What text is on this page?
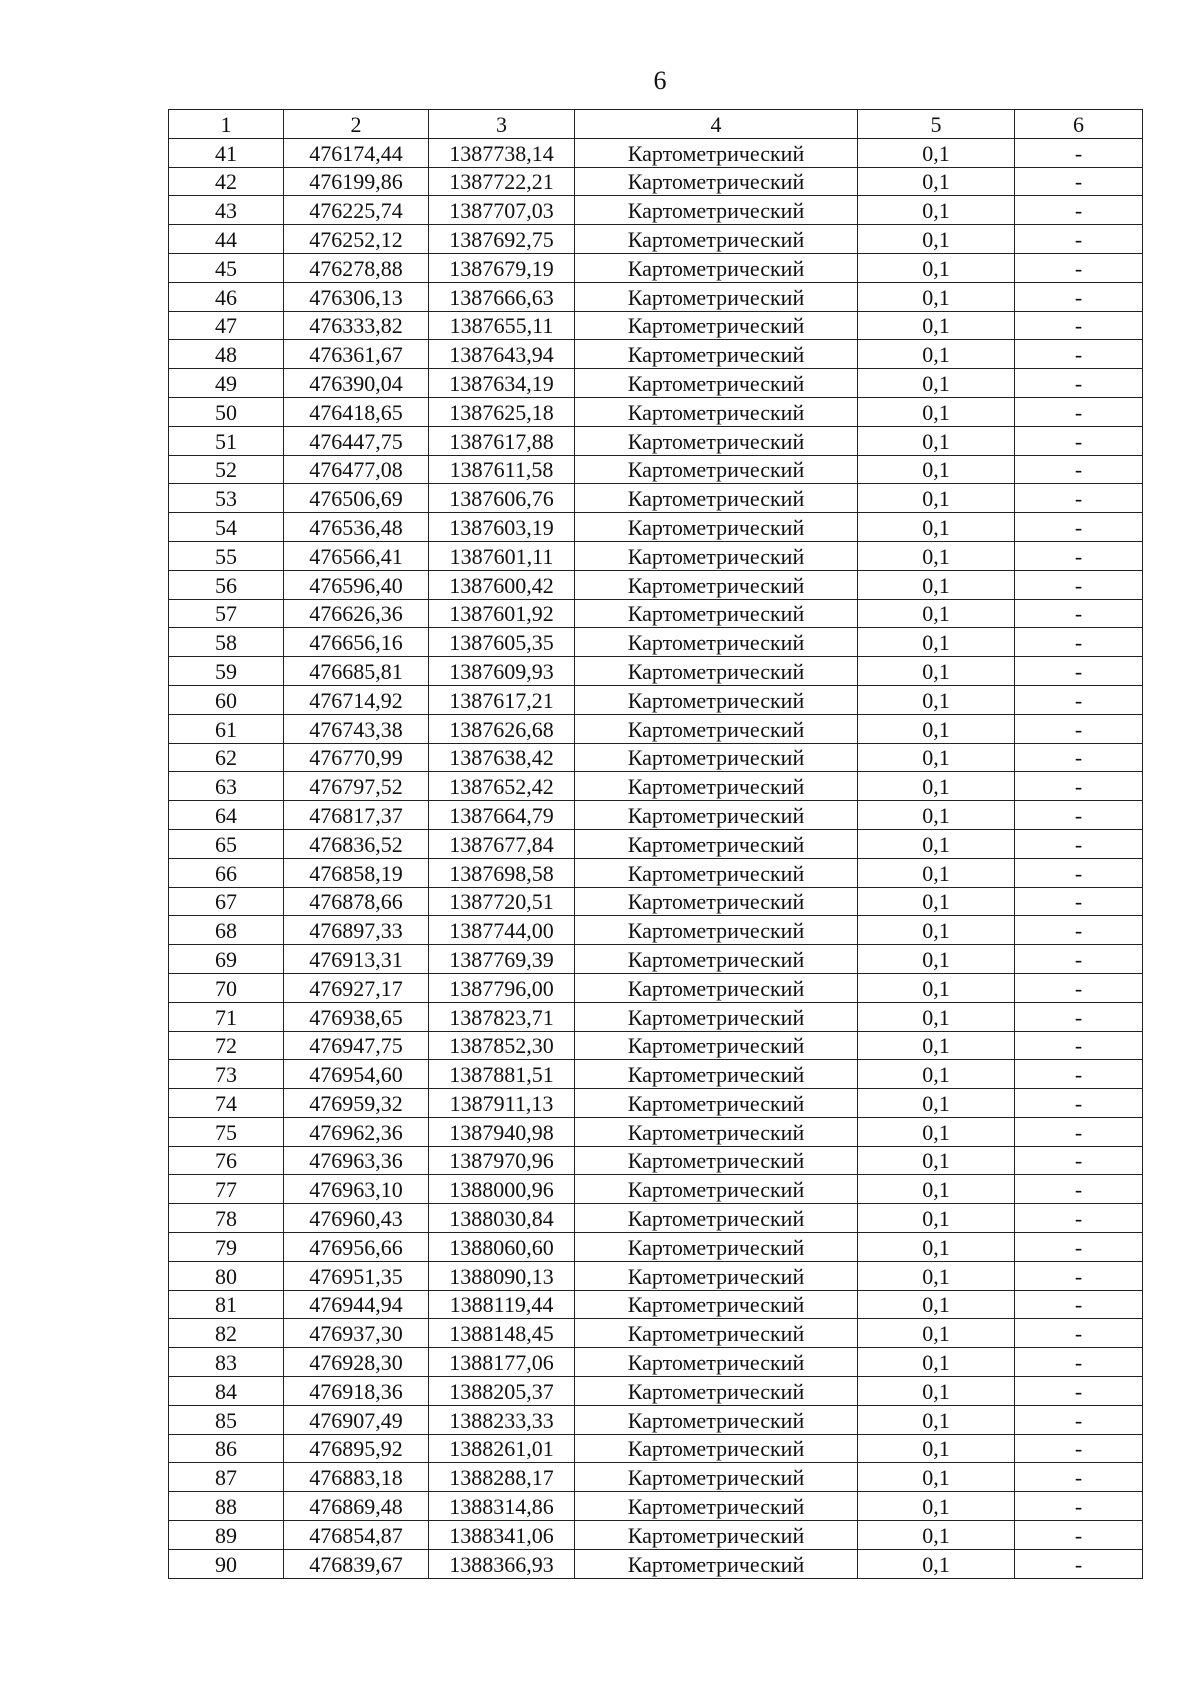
6
1	2	3	4	5	6
41	476174,44	1387738,14	Картометрический	0,1	-
42	476199,86	1387722,21	Картометрический	0,1	-
43	476225,74	1387707,03	Картометрический	0,1	-
44	476252,12	1387692,75	Картометрический	0,1	-
45	476278,88	1387679,19	Картометрический	0,1	-
46	476306,13	1387666,63	Картометрический	0,1	-
47	476333,82	1387655,11	Картометрический	0,1	-
48	476361,67	1387643,94	Картометрический	0,1	-
49	476390,04	1387634,19	Картометрический	0,1	-
50	476418,65	1387625,18	Картометрический	0,1	-
51	476447,75	1387617,88	Картометрический	0,1	-
52	476477,08	1387611,58	Картометрический	0,1	-
53	476506,69	1387606,76	Картометрический	0,1	-
54	476536,48	1387603,19	Картометрический	0,1	-
55	476566,41	1387601,11	Картометрический	0,1	-
56	476596,40	1387600,42	Картометрический	0,1	-
57	476626,36	1387601,92	Картометрический	0,1	-
58	476656,16	1387605,35	Картометрический	0,1	-
59	476685,81	1387609,93	Картометрический	0,1	-
60	476714,92	1387617,21	Картометрический	0,1	-
61	476743,38	1387626,68	Картометрический	0,1	-
62	476770,99	1387638,42	Картометрический	0,1	-
63	476797,52	1387652,42	Картометрический	0,1	-
64	476817,37	1387664,79	Картометрический	0,1	-
65	476836,52	1387677,84	Картометрический	0,1	-
66	476858,19	1387698,58	Картометрический	0,1	-
67	476878,66	1387720,51	Картометрический	0,1	-
68	476897,33	1387744,00	Картометрический	0,1	-
69	476913,31	1387769,39	Картометрический	0,1	-
70	476927,17	1387796,00	Картометрический	0,1	-
71	476938,65	1387823,71	Картометрический	0,1	-
72	476947,75	1387852,30	Картометрический	0,1	-
73	476954,60	1387881,51	Картометрический	0,1	-
74	476959,32	1387911,13	Картометрический	0,1	-
75	476962,36	1387940,98	Картометрический	0,1	-
76	476963,36	1387970,96	Картометрический	0,1	-
77	476963,10	1388000,96	Картометрический	0,1	-
78	476960,43	1388030,84	Картометрический	0,1	-
79	476956,66	1388060,60	Картометрический	0,1	-
80	476951,35	1388090,13	Картометрический	0,1	-
81	476944,94	1388119,44	Картометрический	0,1	-
82	476937,30	1388148,45	Картометрический	0,1	-
83	476928,30	1388177,06	Картометрический	0,1	-
84	476918,36	1388205,37	Картометрический	0,1	-
85	476907,49	1388233,33	Картометрический	0,1	-
86	476895,92	1388261,01	Картометрический	0,1	-
87	476883,18	1388288,17	Картометрический	0,1	-
88	476869,48	1388314,86	Картометрический	0,1	-
89	476854,87	1388341,06	Картометрический	0,1	-
90	476839,67	1388366,93	Картометрический	0,1	-
